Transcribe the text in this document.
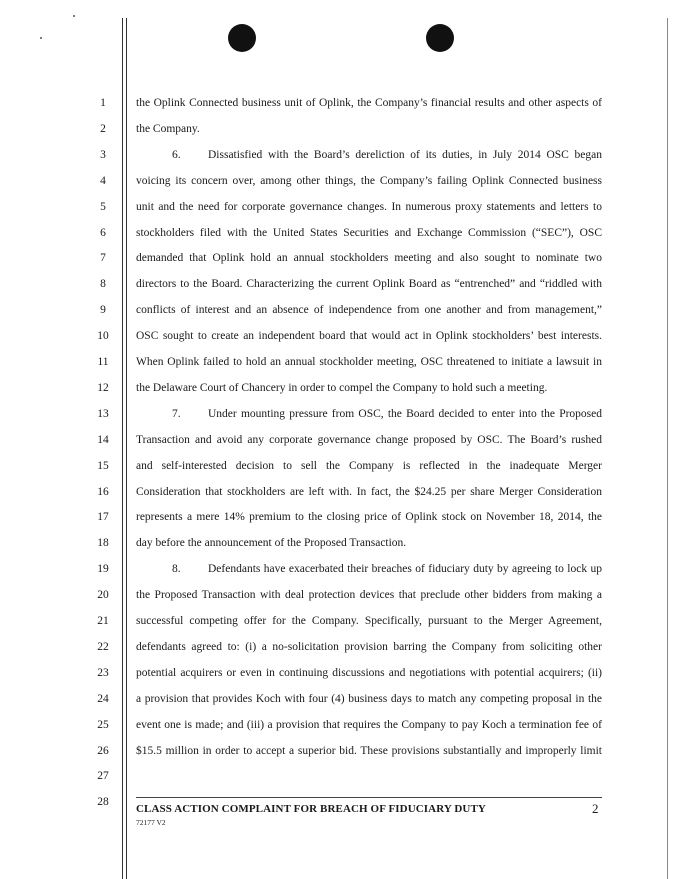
1
2
3
4
5
6
7
8
9
10
11
12
13
14
15
16
17
18
19
20
21
22
23
24
25
26
27
28
the Oplink Connected business unit of Oplink, the Company’s financial results and other aspects of
the Company.
6. Dissatisfied with the Board’s dereliction of its duties, in July 2014 OSC began
voicing its concern over, among other things, the Company’s failing Oplink Connected business
unit and the need for corporate governance changes. In numerous proxy statements and letters to
stockholders filed with the United States Securities and Exchange Commission (“SEC”), OSC
demanded that Oplink hold an annual stockholders meeting and also sought to nominate two
directors to the Board. Characterizing the current Oplink Board as “entrenched” and “riddled with
conflicts of interest and an absence of independence from one another and from management,”
OSC sought to create an independent board that would act in Oplink stockholders’ best interests.
When Oplink failed to hold an annual stockholder meeting, OSC threatened to initiate a lawsuit in
the Delaware Court of Chancery in order to compel the Company to hold such a meeting.
7. Under mounting pressure from OSC, the Board decided to enter into the Proposed
Transaction and avoid any corporate governance change proposed by OSC. The Board’s rushed
and self-interested decision to sell the Company is reflected in the inadequate Merger
Consideration that stockholders are left with. In fact, the $24.25 per share Merger Consideration
represents a mere 14% premium to the closing price of Oplink stock on November 18, 2014, the
day before the announcement of the Proposed Transaction.
8. Defendants have exacerbated their breaches of fiduciary duty by agreeing to lock up
the Proposed Transaction with deal protection devices that preclude other bidders from making a
successful competing offer for the Company. Specifically, pursuant to the Merger Agreement,
defendants agreed to: (i) a no-solicitation provision barring the Company from soliciting other
potential acquirers or even in continuing discussions and negotiations with potential acquirers; (ii)
a provision that provides Koch with four (4) business days to match any competing proposal in the
event one is made; and (iii) a provision that requires the Company to pay Koch a termination fee of
$15.5 million in order to accept a superior bid. These provisions substantially and improperly limit
CLASS ACTION COMPLAINT FOR BREACH OF FIDUCIARY DUTY
72177 V2
2
